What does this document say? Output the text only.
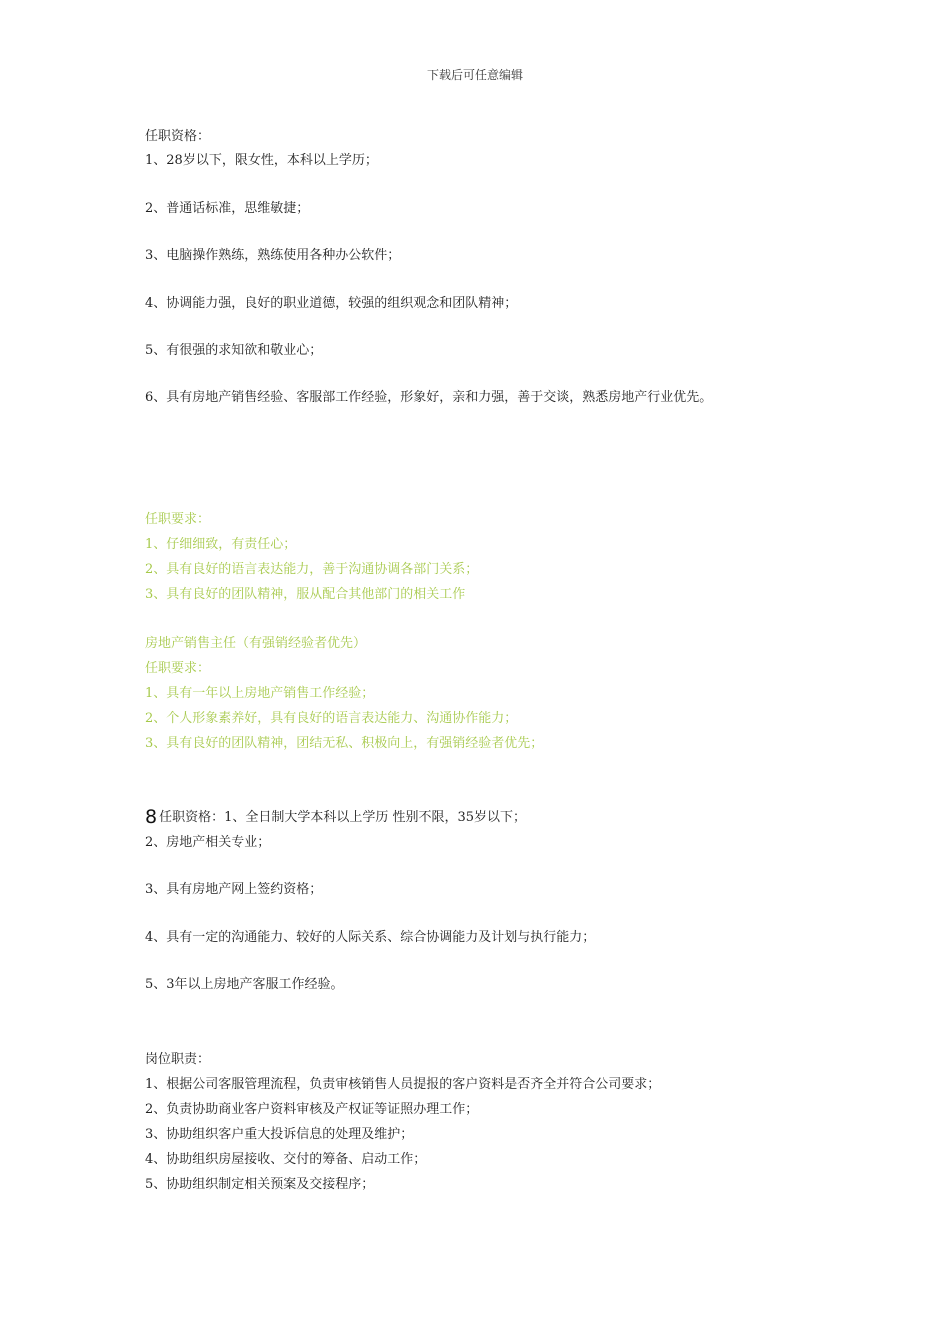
下载后可任意编辑
任职资格：
1、28岁以下，限女性，本科以上学历；
2、普通话标准，思维敏捷；
3、电脑操作熟练，熟练使用各种办公软件；
4、协调能力强，良好的职业道德，较强的组织观念和团队精神；
5、有很强的求知欲和敬业心；
6、具有房地产销售经验、客服部工作经验，形象好，亲和力强，善于交谈，熟悉房地产行业优先。
任职要求：
1、仔细细致，有责任心；
2、具有良好的语言表达能力，善于沟通协调各部门关系；
3、具有良好的团队精神，服从配合其他部门的相关工作
房地产销售主任（有强销经验者优先）
任职要求：
1、具有一年以上房地产销售工作经验；
2、个人形象素养好，具有良好的语言表达能力、沟通协作能力；
3、具有良好的团队精神，团结无私、积极向上，有强销经验者优先；
8 任职资格：1、全日制大学本科以上学历 性别不限，35岁以下；
2、房地产相关专业；
3、具有房地产网上签约资格；
4、具有一定的沟通能力、较好的人际关系、综合协调能力及计划与执行能力；
5、3年以上房地产客服工作经验。
岗位职责：
1、根据公司客服管理流程，负责审核销售人员提报的客户资料是否齐全并符合公司要求；
2、负责协助商业客户资料审核及产权证等证照办理工作；
3、协助组织客户重大投诉信息的处理及维护；
4、协助组织房屋接收、交付的筹备、启动工作；
5、协助组织制定相关预案及交接程序；
